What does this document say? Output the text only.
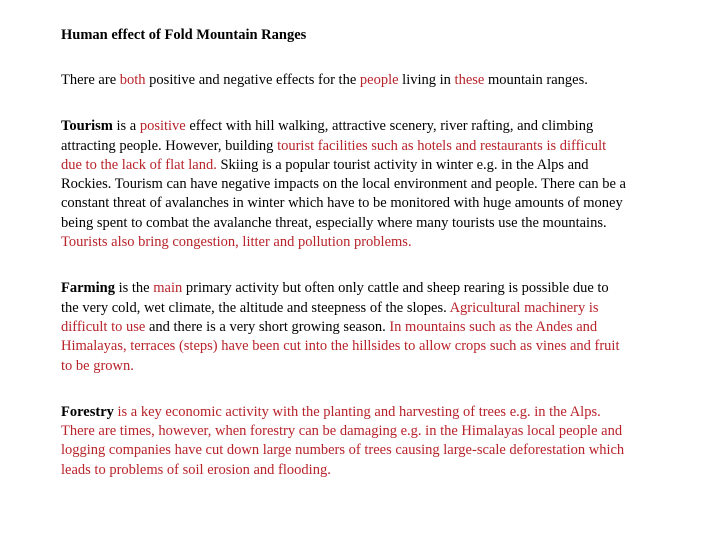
Human effect of Fold Mountain Ranges
There are both positive and negative effects for the people living in these mountain ranges.
Tourism is a positive effect with hill walking, attractive scenery, river rafting, and climbing
attracting people. However, building tourist facilities such as hotels and restaurants is difficult
due to the lack of flat land. Skiing is a popular tourist activity in winter e.g. in the Alps and
Rockies. Tourism can have negative impacts on the local environment and people. There can be a
constant threat of avalanches in winter which have to be monitored with huge amounts of money
being spent to combat the avalanche threat, especially where many tourists use the mountains.
Tourists also bring congestion, litter and pollution problems.
Farming is the main primary activity but often only cattle and sheep rearing is possible due to
the very cold, wet climate, the altitude and steepness of the slopes. Agricultural machinery is
difficult to use and there is a very short growing season. In mountains such as the Andes and
Himalayas, terraces (steps) have been cut into the hillsides to allow crops such as vines and fruit
to be grown.
Forestry is a key economic activity with the planting and harvesting of trees e.g. in the Alps.
There are times, however, when forestry can be damaging e.g. in the Himalayas local people and
logging companies have cut down large numbers of trees causing large-scale deforestation which
leads to problems of soil erosion and flooding.
